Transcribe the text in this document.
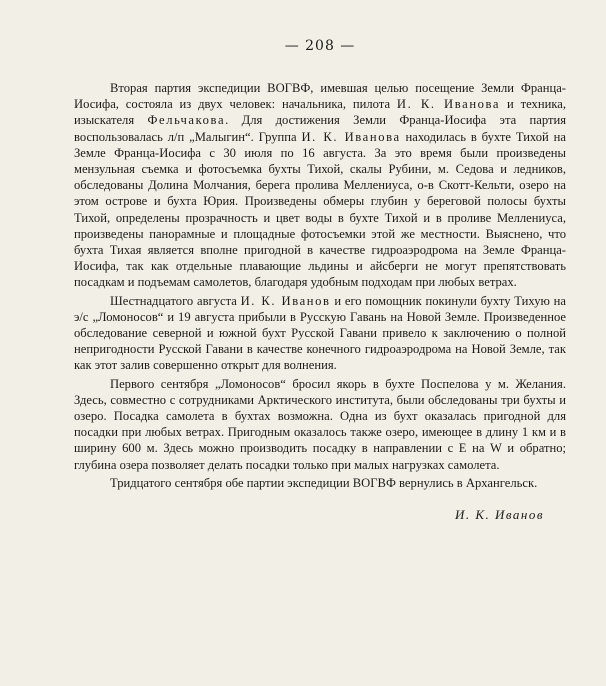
— 208 —

Вторая партия экспедиции ВОГВФ, имевшая целью посещение Земли Франца-Иосифа, состояла из двух человек: начальника, пилота И. К. Иванова и техника, изыскателя Фельчакова. Для достижения Земли Франца-Иосифа эта партия воспользовалась л/п „Малыгин“. Группа И. К. Иванова находилась в бухте Тихой на Земле Франца-Иосифа с 30 июля по 16 августа. За это время были произведены мензульная съемка и фотосъемка бухты Тихой, скалы Рубини, м. Седова и ледников, обследованы Долина Молчания, берега пролива Меллениуса, о-в Скотт-Кельти, озеро на этом острове и бухта Юрия. Произведены обмеры глубин у береговой полосы бухты Тихой, определены прозрачность и цвет воды в бухте Тихой и в проливе Меллениуса, произведены панорамные и площадные фотосъемки этой же местности. Выяснено, что бухта Тихая является вполне пригодной в качестве гидроаэродрома на Земле Франца-Иосифа, так как отдельные плавающие льдины и айсберги не могут препятствовать посадкам и подъемам самолетов, благодаря удобным подходам при любых ветрах.

Шестнадцатого августа И. К. Иванов и его помощник покинули бухту Тихую на э/с „Ломоносов“ и 19 августа прибыли в Русскую Гавань на Новой Земле. Произведенное обследование северной и южной бухт Русской Гавани привело к заключению о полной непригодности Русской Гавани в качестве конечного гидроаэродрома на Новой Земле, так как этот залив совершенно открыт для волнения.

Первого сентября „Ломоносов“ бросил якорь в бухте Поспелова у м. Желания. Здесь, совместно с сотрудниками Арктического института, были обследованы три бухты и озеро. Посадка самолета в бухтах возможна. Одна из бухт оказалась пригодной для посадки при любых ветрах. Пригодным оказалось также озеро, имеющее в длину 1 км и в ширину 600 м. Здесь можно производить посадку в направлении с Е на W и обратно; глубина озера позволяет делать посадки только при малых нагрузках самолета.

Тридцатого сентября обе партии экспедиции ВОГВФ вернулись в Архангельск.

И. К. Иванов
